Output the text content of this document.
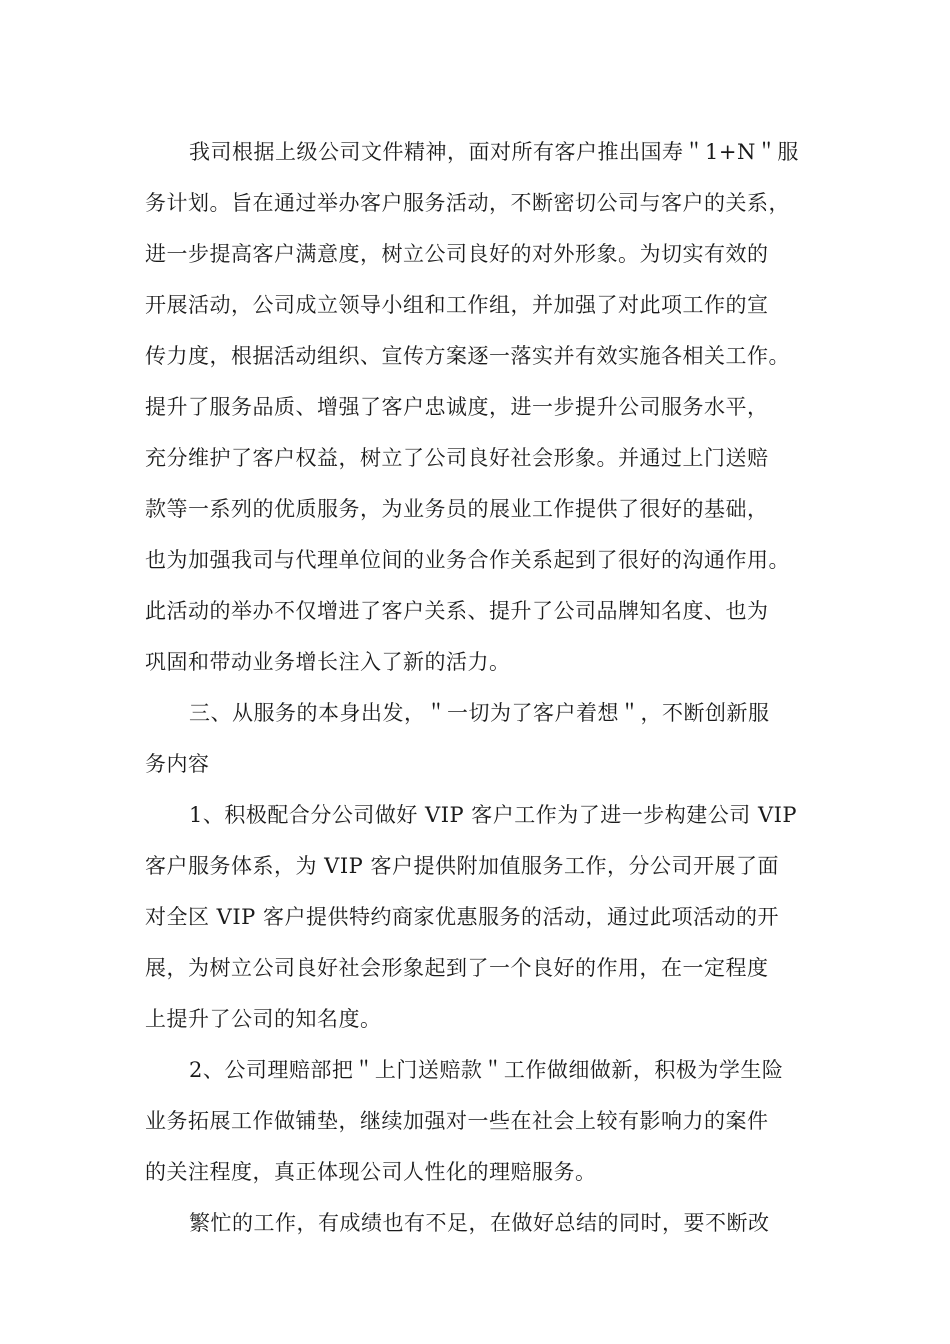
我司根据上级公司文件精神，面对所有客户推出国寿＂1+N＂服
务计划。旨在通过举办客户服务活动，不断密切公司与客户的关系，
进一步提高客户满意度，树立公司良好的对外形象。为切实有效的
开展活动，公司成立领导小组和工作组，并加强了对此项工作的宣
传力度，根据活动组织、宣传方案逐一落实并有效实施各相关工作。
提升了服务品质、增强了客户忠诚度，进一步提升公司服务水平，
充分维护了客户权益，树立了公司良好社会形象。并通过上门送赔
款等一系列的优质服务，为业务员的展业工作提供了很好的基础，
也为加强我司与代理单位间的业务合作关系起到了很好的沟通作用。
此活动的举办不仅增进了客户关系、提升了公司品牌知名度、也为
巩固和带动业务增长注入了新的活力。

三、从服务的本身出发，＂一切为了客户着想＂，不断创新服
务内容

1、积极配合分公司做好 VIP 客户工作为了进一步构建公司 VIP
客户服务体系，为 VIP 客户提供附加值服务工作，分公司开展了面
对全区 VIP 客户提供特约商家优惠服务的活动，通过此项活动的开
展，为树立公司良好社会形象起到了一个良好的作用，在一定程度
上提升了公司的知名度。

2、公司理赔部把＂上门送赔款＂工作做细做新，积极为学生险
业务拓展工作做铺垫，继续加强对一些在社会上较有影响力的案件
的关注程度，真正体现公司人性化的理赔服务。

繁忙的工作，有成绩也有不足，在做好总结的同时，要不断改
